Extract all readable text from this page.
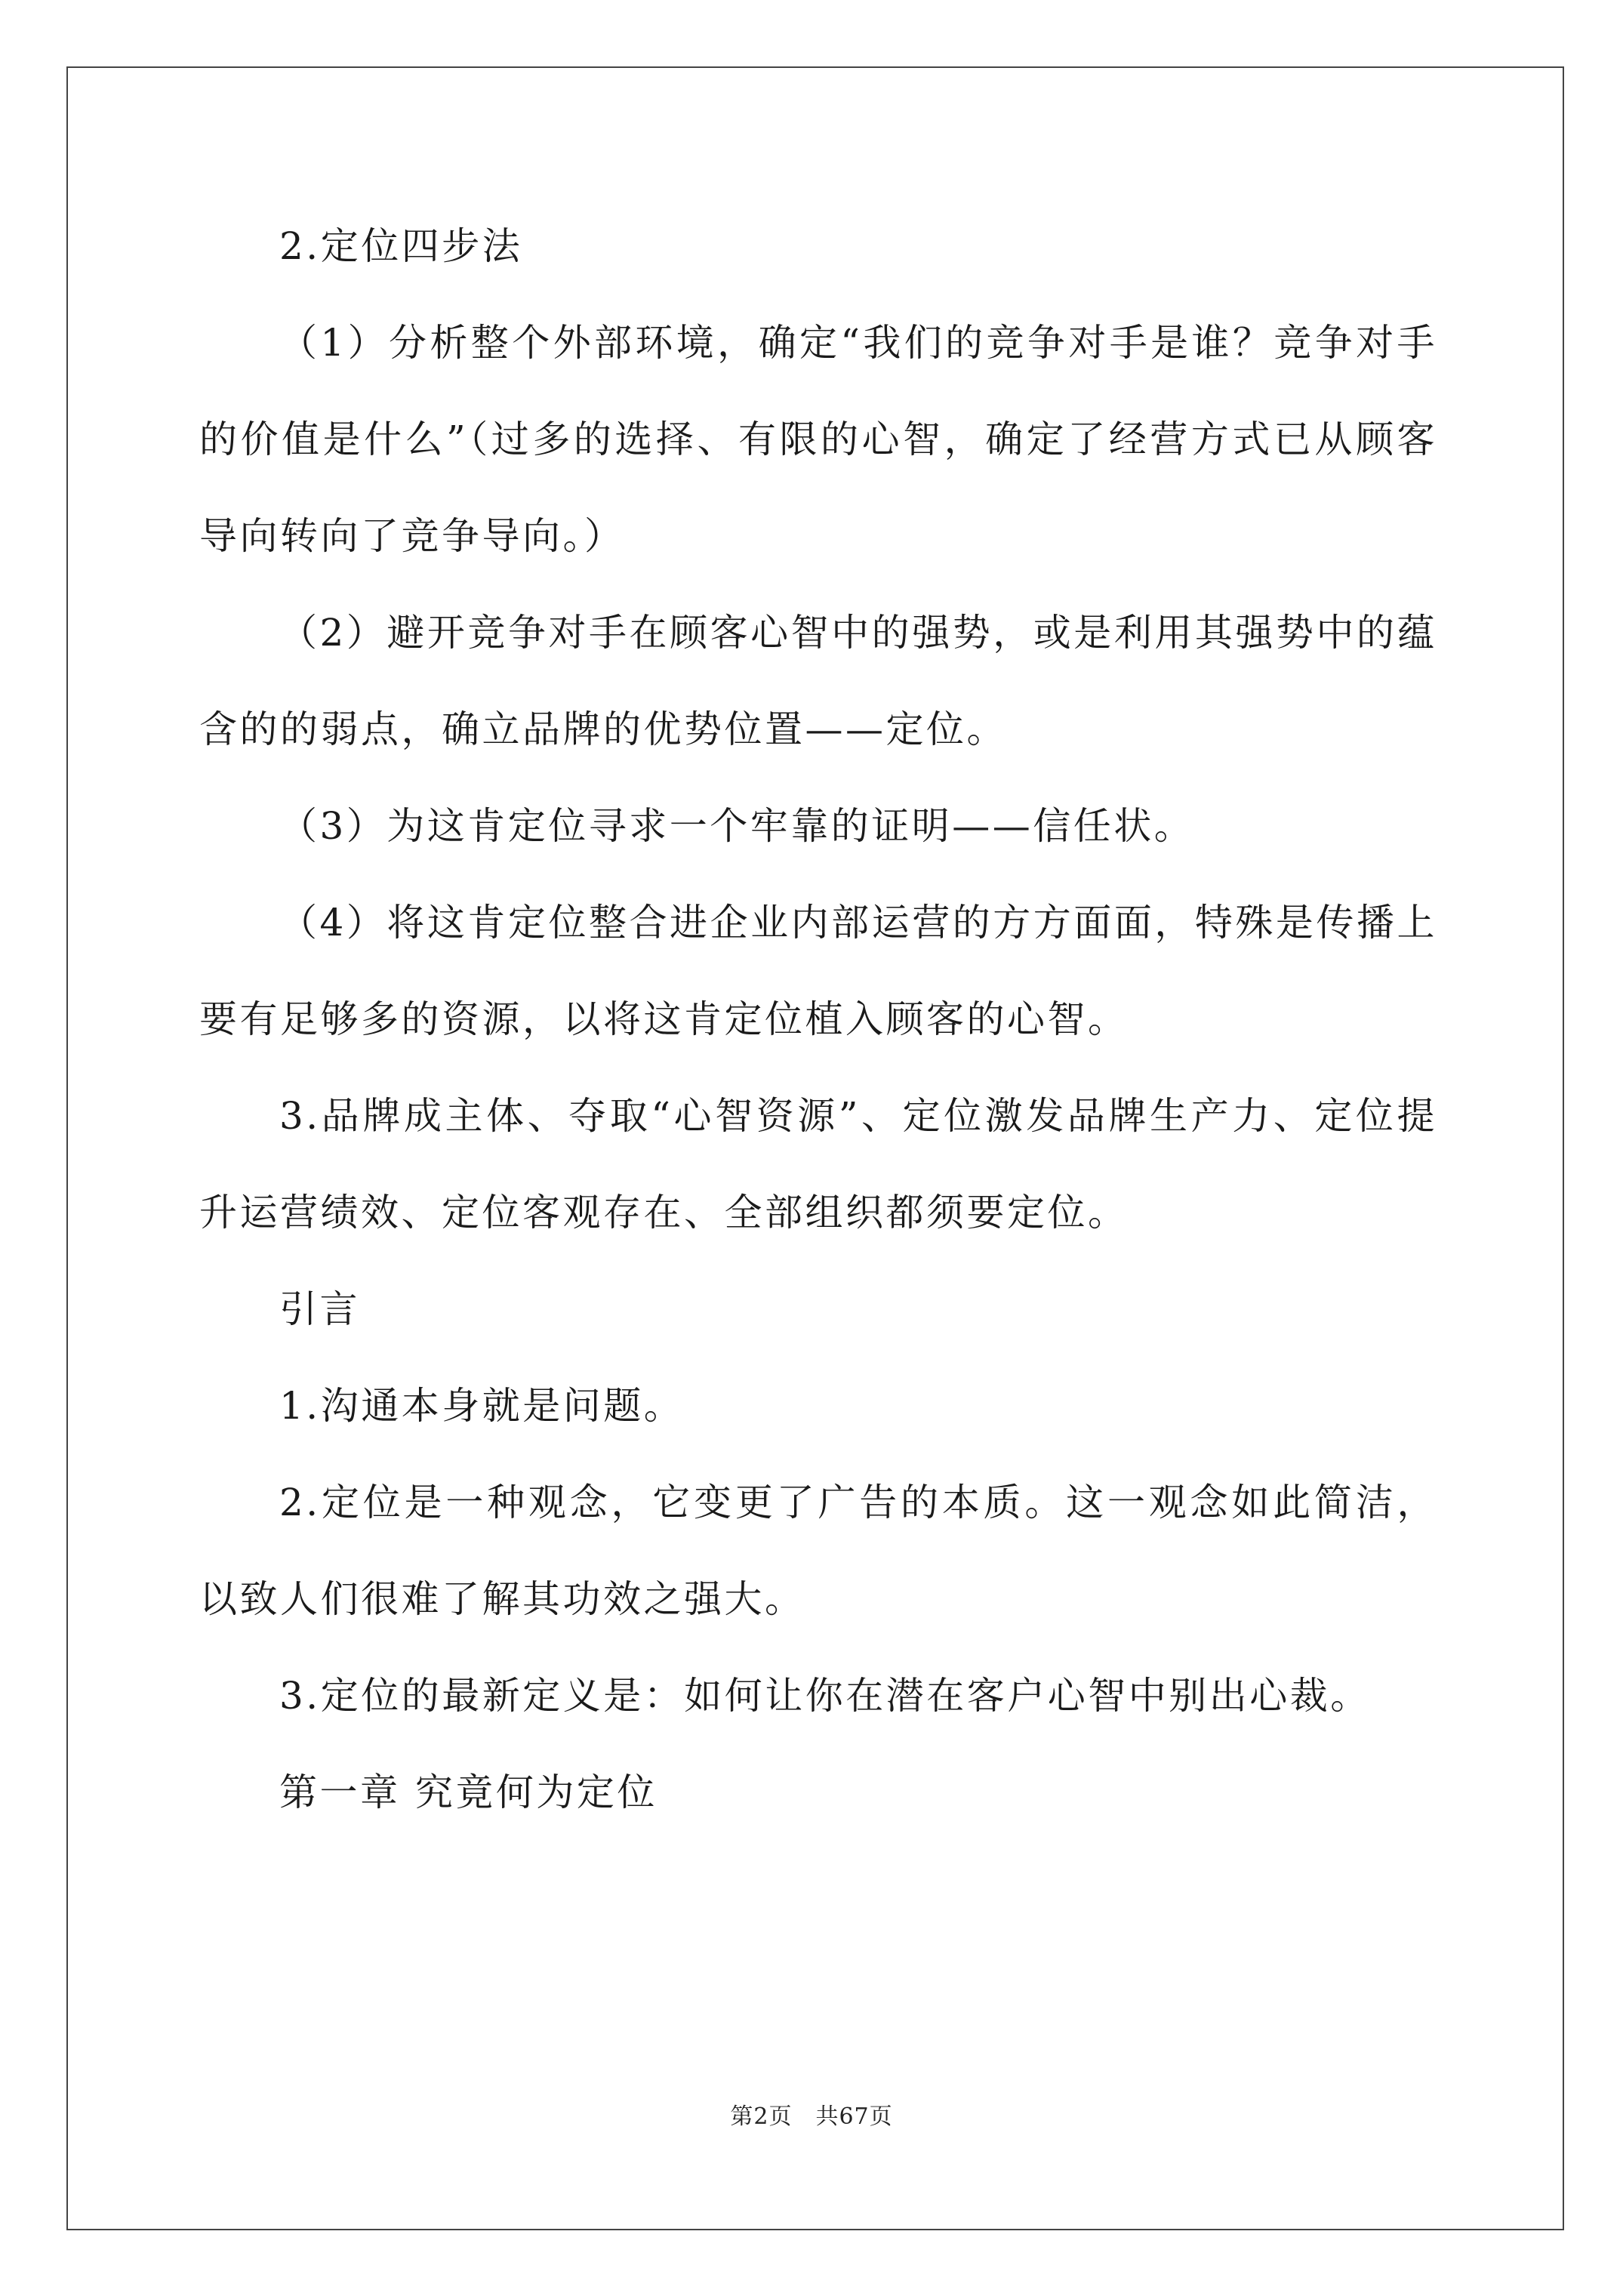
2.定位四步法

（1）分析整个外部环境，确定“我们的竞争对手是谁？竞争对手的价值是什么”（过多的选择、有限的心智，确定了经营方式已从顾客导向转向了竞争导向。）

（2）避开竞争对手在顾客心智中的强势，或是利用其强势中的蕴含的的弱点，确立品牌的优势位置——定位。

（3）为这肯定位寻求一个牢靠的证明——信任状。

（4）将这肯定位整合进企业内部运营的方方面面，特殊是传播上要有足够多的资源，以将这肯定位植入顾客的心智。

3.品牌成主体、夺取“心智资源”、定位激发品牌生产力、定位提升运营绩效、定位客观存在、全部组织都须要定位。

引言

1.沟通本身就是问题。

2.定位是一种观念，它变更了广告的本质。这一观念如此简洁，以致人们很难了解其功效之强大。

3.定位的最新定义是：如何让你在潜在客户心智中别出心裁。

第一章 究竟何为定位

第2页　共67页
